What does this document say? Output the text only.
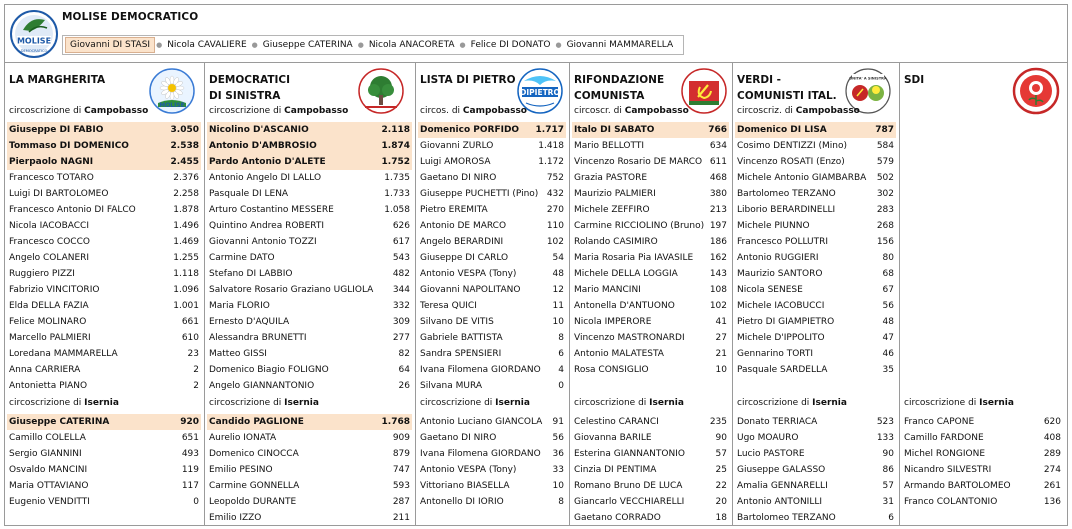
MOLISE
DEMOCRATICO
MOLISE DEMOCRATICO
Giovanni DI STASI ● Nicola CAVALIERE ● Giuseppe CATERINA ● Nicola ANACORETA ● Felice DI DONATO ● Giovanni MAMMARELLA
LA MARGHERITA
MOLISE
circoscrizione di Campobasso
Giuseppe DI FABIO	3.050
Tommaso DI DOMENICO	2.538
Pierpaolo NAGNI	2.455
Francesco TOTARO	2.376
Luigi DI BARTOLOMEO	2.258
Francesco Antonio DI FALCO	1.878
Nicola IACOBACCI	1.496
Francesco COCCO	1.469
Angelo COLANERI	1.255
Ruggiero PIZZI	1.118
Fabrizio VINCITORIO	1.096
Elda DELLA FAZIA	1.001
Felice MOLINARO	661
Marcello PALMIERI	610
Loredana MAMMARELLA	23
Anna CARRIERA	2
Antonietta PIANO	2
circoscrizione di Isernia
Giuseppe CATERINA	920
Camillo COLELLA	651
Sergio GIANNINI	493
Osvaldo MANCINI	119
Maria OTTAVIANO	117
Eugenio VENDITTI	0
DEMOCRATICI
DI SINISTRA
circoscrizione di Campobasso
Nicolino D'ASCANIO	2.118
Antonio D'AMBROSIO	1.874
Pardo Antonio D'ALETE	1.752
Antonio Angelo DI LALLO	1.735
Pasquale DI LENA	1.733
Arturo Costantino MESSERE	1.058
Quintino Andrea ROBERTI	626
Giovanni Antonio TOZZI	617
Carmine DATO	543
Stefano DI LABBIO	482
Salvatore Rosario Graziano UGLIOLA 344
Maria FLORIO	332
Ernesto D'AQUILA	309
Alessandra BRUNETTI	277
Matteo GISSI	82
Domenico Biagio FOLIGNO	64
Angelo GIANNANTONIO	26
circoscrizione di Isernia
Candido PAGLIONE	1.768
Aurelio IONATA	909
Domenico CINOCCA	879
Emilio PESINO	747
Carmine GONNELLA	593
Leopoldo DURANTE	287
Emilio IZZO	211
LISTA DI PIETRO
DIPIETRO
circos. di Campobasso
Domenico PORFIDO 1.717
Giovanni ZURLO	1.418
Luigi AMOROSA	1.172
Gaetano DI NIRO	752
Giuseppe PUCHETTI (Pino) 432
Pietro EREMITA	270
Antonio DE MARCO	110
Angelo BERARDINI	102
Giuseppe DI CARLO	54
Antonio VESPA (Tony)	48
Giovanni NAPOLITANO	12
Teresa QUICI	11
Silvano DE VITIS	10
Gabriele BATTISTA	8
Sandra SPENSIERI	6
Ivana Filomena GIORDANO 4
Silvana MURA	0
circoscrizione di Isernia
Antonio Luciano GIANCOLA 91
Gaetano DI NIRO	56
Ivana Filomena GIORDANO 36
Antonio VESPA (Tony)	33
Vittoriano BIASELLA	10
Antonello DI IORIO	8
RIFONDAZIONE
COMUNISTA
circoscr. di Campobasso
Italo DI SABATO	766
Mario BELLOTTI	634
Vincenzo Rosario DE MARCO 611
Grazia PASTORE	468
Maurizio PALMIERI	380
Michele ZEFFIRO	213
Carmine RICCIOLINO (Bruno) 197
Rolando CASIMIRO	186
Maria Rosaria Pia IAVASILE 162
Michele DELLA LOGGIA	143
Mario MANCINI	108
Antonella D'ANTUONO	102
Nicola IMPERORE	41
Vincenzo MASTRONARDI	27
Antonio MALATESTA	21
Rosa CONSIGLIO	10
circoscrizione di Isernia
Celestino CARANCI	235
Giovanna BARILE	90
Esterina GIANNANTONIO	57
Cinzia DI PENTIMA	25
Romano Bruno DE LUCA	22
Giancarlo VECCHIARELLI	20
Gaetano CORRADO	18
VERDI -
COMUNISTI ITAL.
UNITA' A SINISTRA
circoscriz. di Campobasso
Domenico DI LISA	787
Cosimo DENTIZZI (Mino)	584
Vincenzo ROSATI (Enzo)	579
Michele Antonio GIAMBARBA 502
Bartolomeo TERZANO	302
Liborio BERARDINELLI	283
Michele PIUNNO	268
Francesco POLLUTRI	156
Antonio RUGGIERI	80
Maurizio SANTORO	68
Nicola SENESE	67
Michele IACOBUCCI	56
Pietro DI GIAMPIETRO	48
Michele D'IPPOLITO	47
Gennarino TORTI	46
Pasquale SARDELLA	35
circoscrizione di Isernia
Donato TERRIACA	523
Ugo MOAURO	133
Lucio PASTORE	90
Giuseppe GALASSO	86
Amalia GENNARELLI	57
Antonio ANTONILLI	31
Bartolomeo TERZANO	6
SDI
circoscrizione di Isernia
Franco CAPONE	620
Camillo FARDONE	408
Michel RONGIONE	289
Nicandro SILVESTRI	274
Armando BARTOLOMEO	261
Franco COLANTONIO	136
